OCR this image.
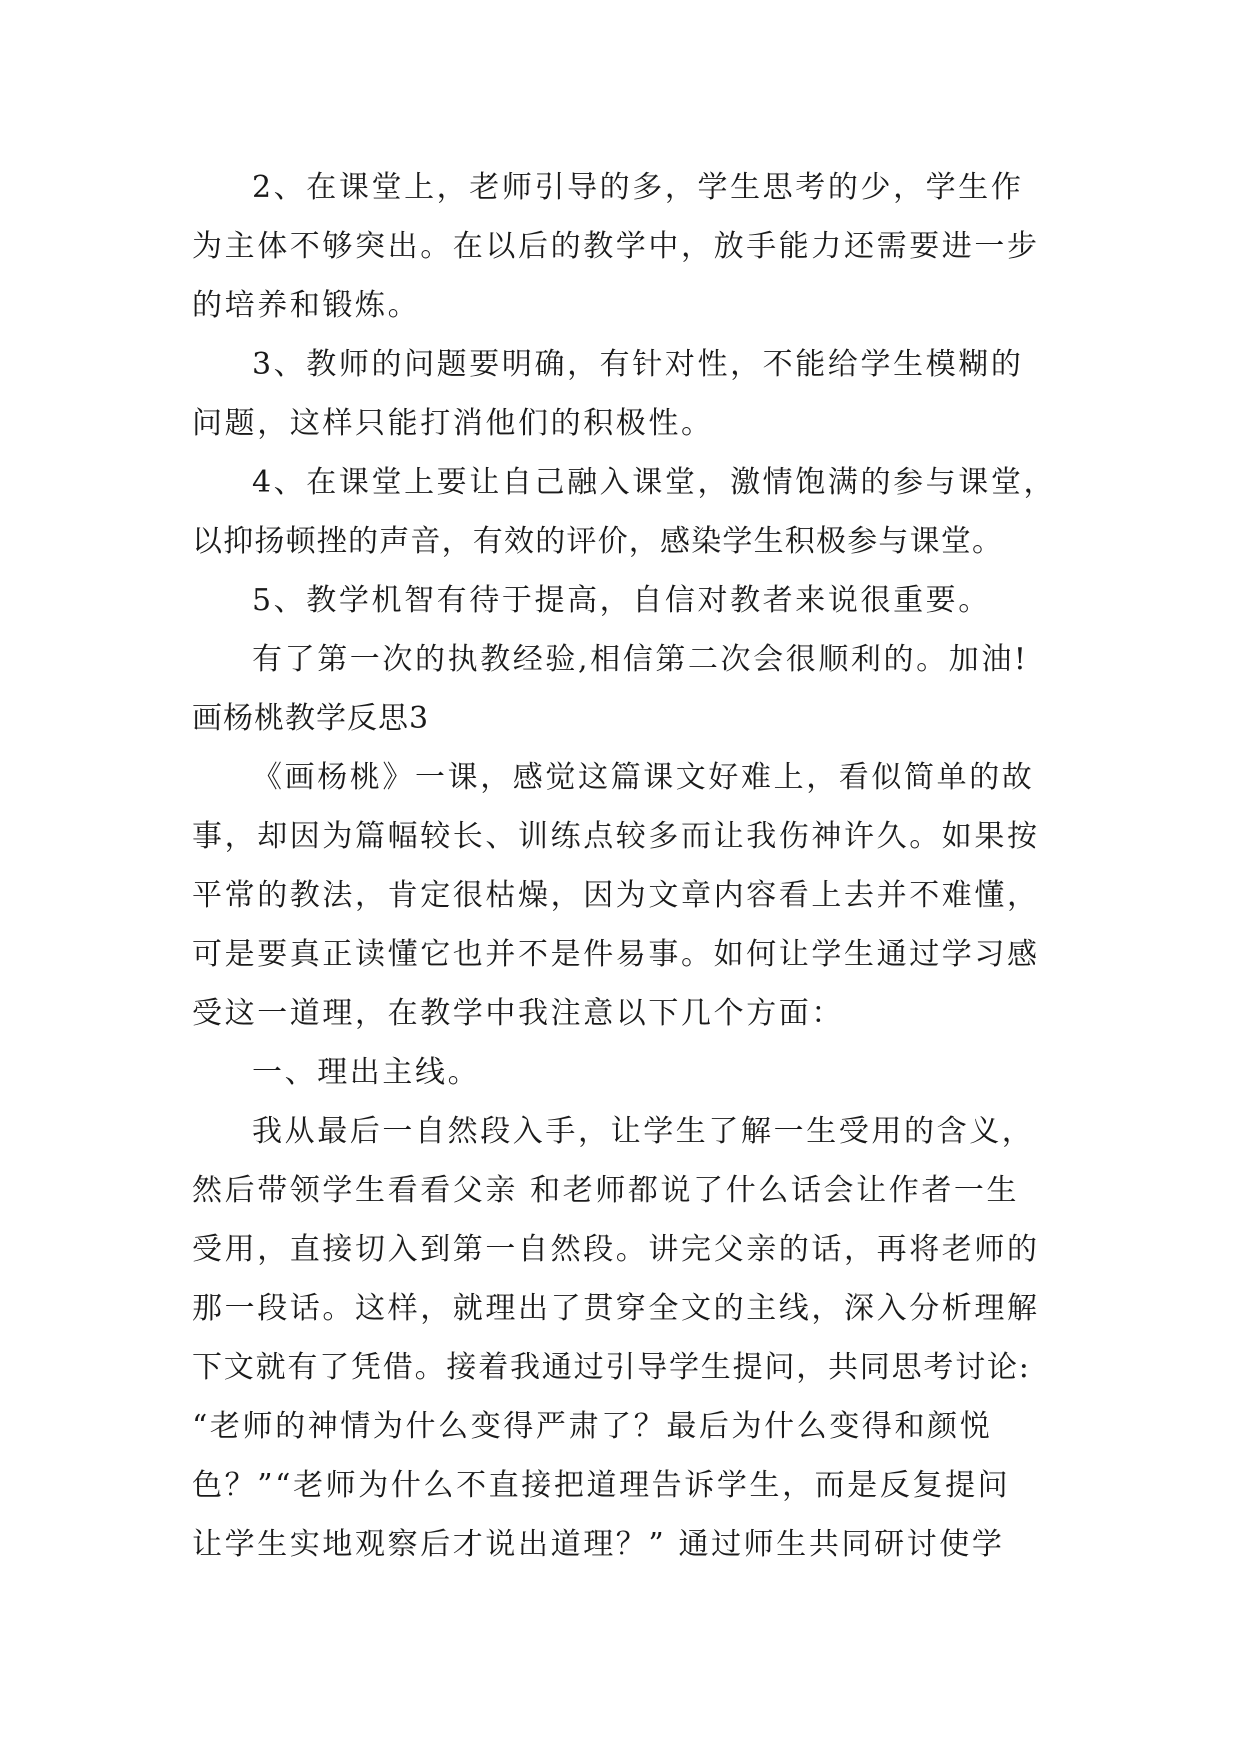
2、在课堂上，老师引导的多，学生思考的少，学生作
为主体不够突出。在以后的教学中，放手能力还需要进一步
的培养和锻炼。
3、教师的问题要明确，有针对性，不能给学生模糊的
问题，这样只能打消他们的积极性。
4、在课堂上要让自己融入课堂，激情饱满的参与课堂，
以抑扬顿挫的声音，有效的评价，感染学生积极参与课堂。
5、教学机智有待于提高，自信对教者来说很重要。
有了第一次的执教经验,相信第二次会很顺利的。加油!
画杨桃教学反思3
《画杨桃》一课，感觉这篇课文好难上，看似简单的故
事，却因为篇幅较长、训练点较多而让我伤神许久。如果按
平常的教法，肯定很枯燥，因为文章内容看上去并不难懂，
可是要真正读懂它也并不是件易事。如何让学生通过学习感
受这一道理，在教学中我注意以下几个方面：
一、理出主线。
我从最后一自然段入手，让学生了解一生受用的含义，
然后带领学生看看父亲 和老师都说了什么话会让作者一生
受用，直接切入到第一自然段。讲完父亲的话，再将老师的
那一段话。这样，就理出了贯穿全文的主线，深入分析理解
下文就有了凭借。接着我通过引导学生提问，共同思考讨论:
“老师的神情为什么变得严肃了？最后为什么变得和颜悦
色？”“老师为什么不直接把道理告诉学生，而是反复提问
让学生实地观察后才说出道理？” 通过师生共同研讨使学
